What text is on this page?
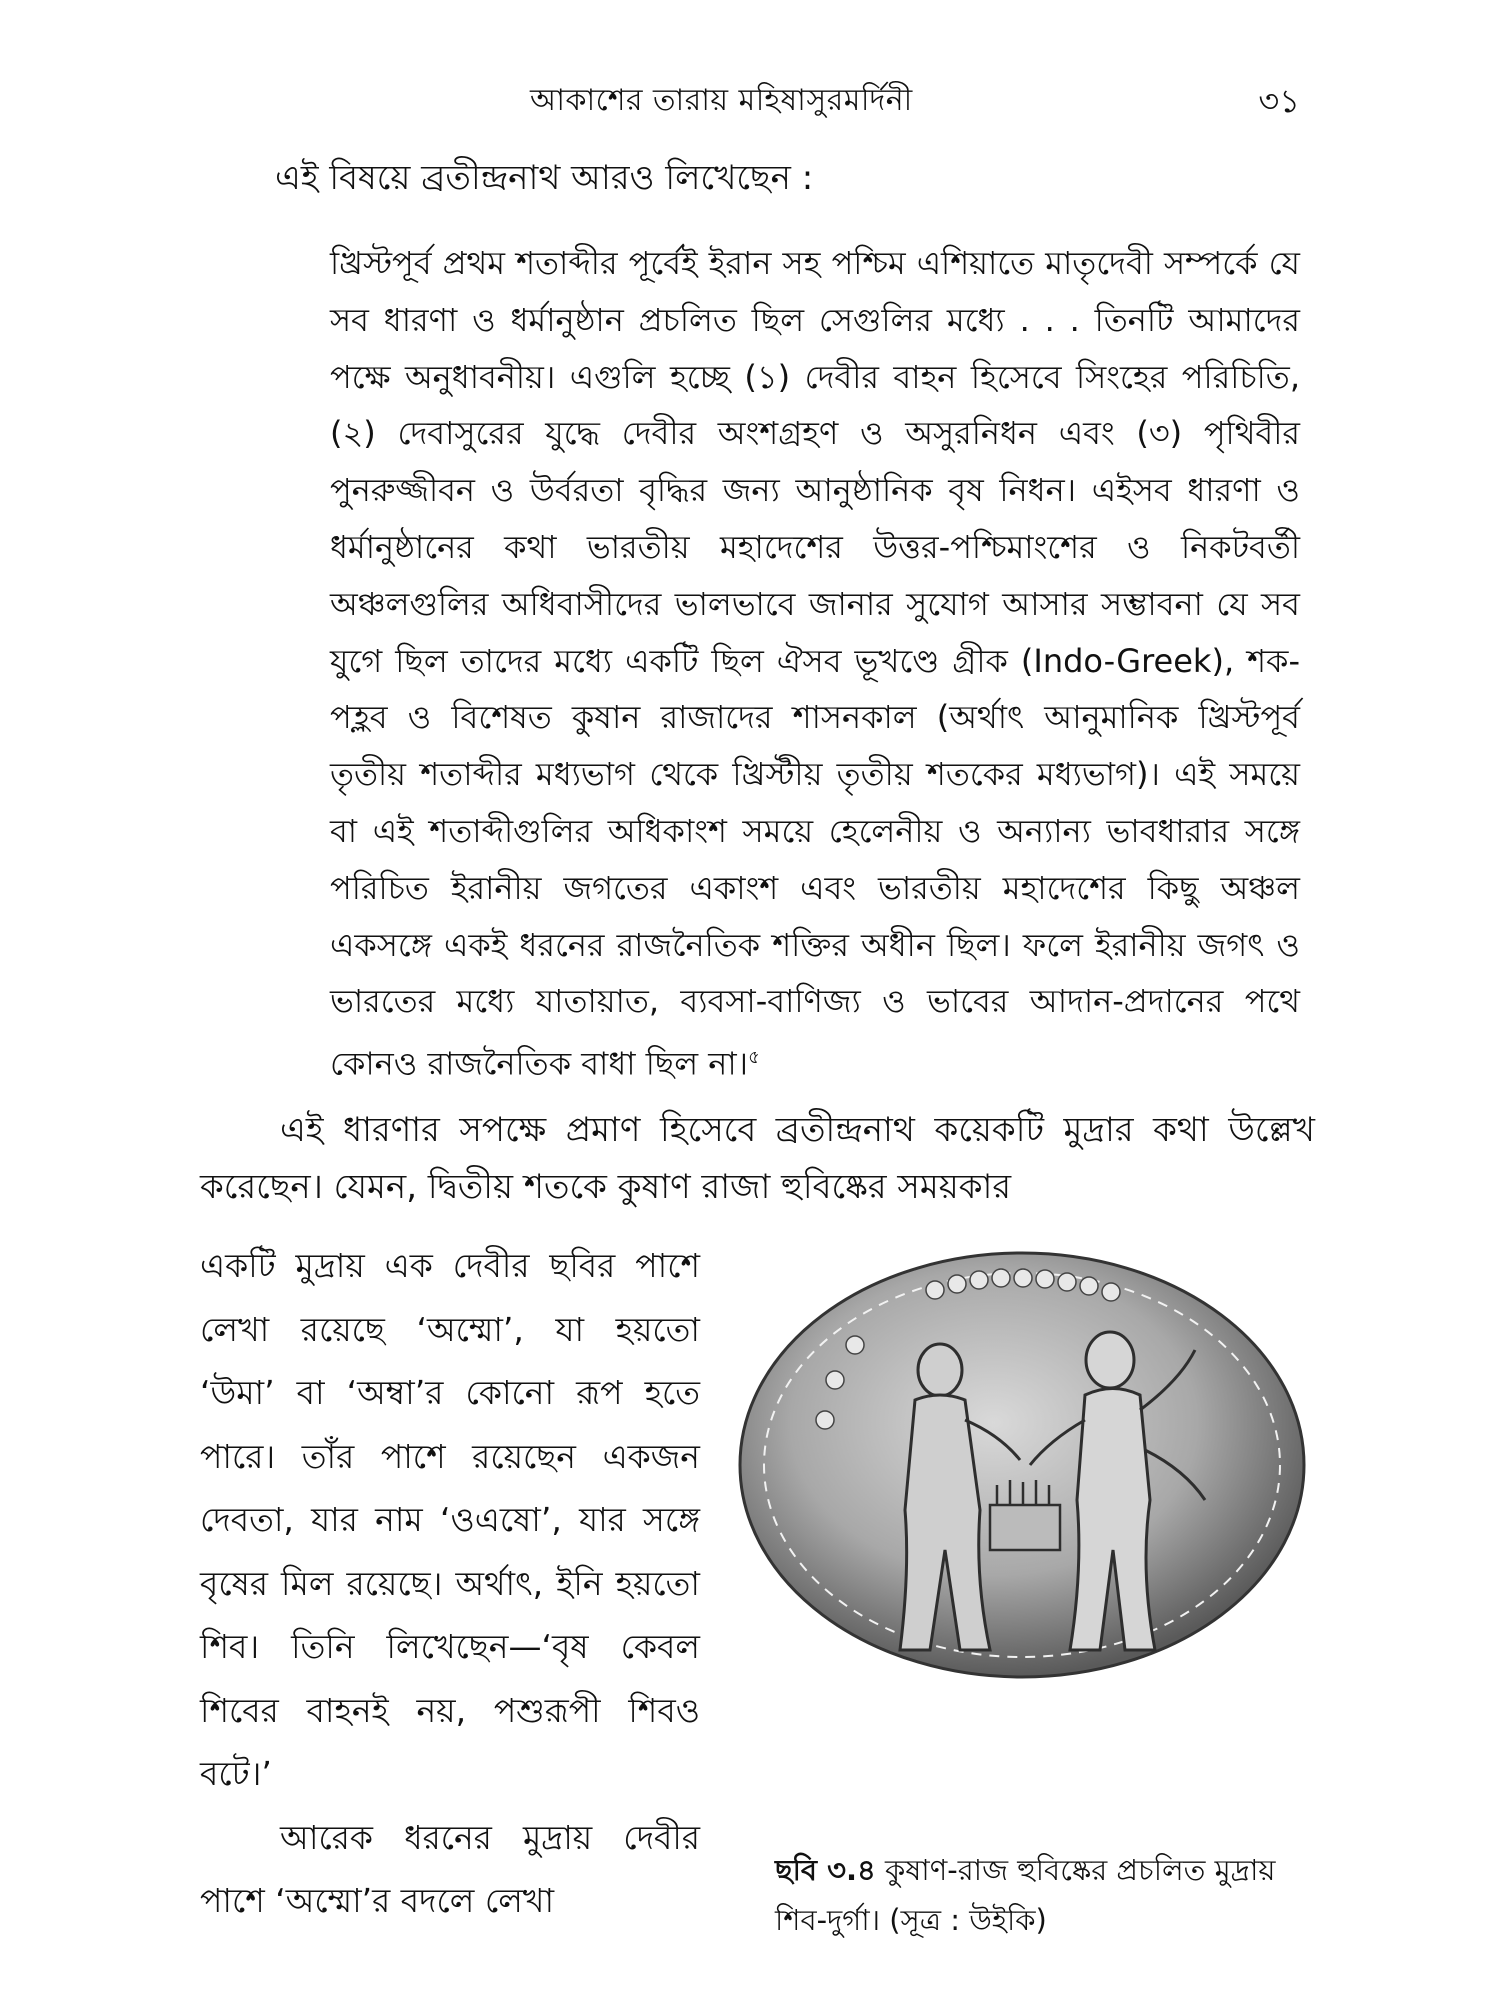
আকাশের তারায় মহিষাসুরমর্দিনী	৩১

এই বিষয়ে ব্রতীন্দ্রনাথ আরও লিখেছেন :

খ্রিস্টপূর্ব প্রথম শতাব্দীর পূর্বেই ইরান সহ পশ্চিম এশিয়াতে মাতৃদেবী সম্পর্কে যে সব ধারণা ও ধর্মানুষ্ঠান প্রচলিত ছিল সেগুলির মধ্যে . . . তিনটি আমাদের পক্ষে অনুধাবনীয়। এগুলি হচ্ছে (১) দেবীর বাহন হিসেবে সিংহের পরিচিতি, (২) দেবাসুরের যুদ্ধে দেবীর অংশগ্রহণ ও অসুরনিধন এবং (৩) পৃথিবীর পুনরুজ্জীবন ও উর্বরতা বৃদ্ধির জন্য আনুষ্ঠানিক বৃষ নিধন। এইসব ধারণা ও ধর্মানুষ্ঠানের কথা ভারতীয় মহাদেশের উত্তর-পশ্চিমাংশের ও নিকটবর্তী অঞ্চলগুলির অধিবাসীদের ভালভাবে জানার সুযোগ আসার সম্ভাবনা যে সব যুগে ছিল তাদের মধ্যে একটি ছিল ঐসব ভূখণ্ডে গ্রীক (Indo-Greek), শক-পহ্লব ও বিশেষত কুষান রাজাদের শাসনকাল (অর্থাৎ আনুমানিক খ্রিস্টপূর্ব তৃতীয় শতাব্দীর মধ্যভাগ থেকে খ্রিস্টীয় তৃতীয় শতকের মধ্যভাগ)। এই সময়ে বা এই শতাব্দীগুলির অধিকাংশ সময়ে হেলেনীয় ও অন্যান্য ভাবধারার সঙ্গে পরিচিত ইরানীয় জগতের একাংশ এবং ভারতীয় মহাদেশের কিছু অঞ্চল একসঙ্গে একই ধরনের রাজনৈতিক শক্তির অধীন ছিল। ফলে ইরানীয় জগৎ ও ভারতের মধ্যে যাতায়াত, ব্যবসা-বাণিজ্য ও ভাবের আদান-প্রদানের পথে কোনও রাজনৈতিক বাধা ছিল না।$^৫$

এই ধারণার সপক্ষে প্রমাণ হিসেবে ব্রতীন্দ্রনাথ কয়েকটি মুদ্রার কথা উল্লেখ করেছেন। যেমন, দ্বিতীয় শতকে কুষাণ রাজা হুবিষ্কের সময়কার

একটি মুদ্রায় এক দেবীর ছবির পাশে লেখা রয়েছে ‘অম্মো’, যা হয়তো ‘উমা’ বা ‘অম্বা’র কোনো রূপ হতে পারে। তাঁর পাশে রয়েছেন একজন দেবতা, যার নাম ‘ওএষো’, যার সঙ্গে বৃষের মিল রয়েছে। অর্থাৎ, ইনি হয়তো শিব। তিনি লিখেছেন—‘বৃষ কেবল শিবের বাহনই নয়, পশুরূপী শিবও বটে।’
আরেক ধরনের মুদ্রায় দেবীর পাশে ‘অম্মো’র বদলে লেখা

ছবি ৩.৪ কুষাণ-রাজ হুবিষ্কের প্রচলিত মুদ্রায় শিব-দুর্গা। (সূত্র : উইকি)
